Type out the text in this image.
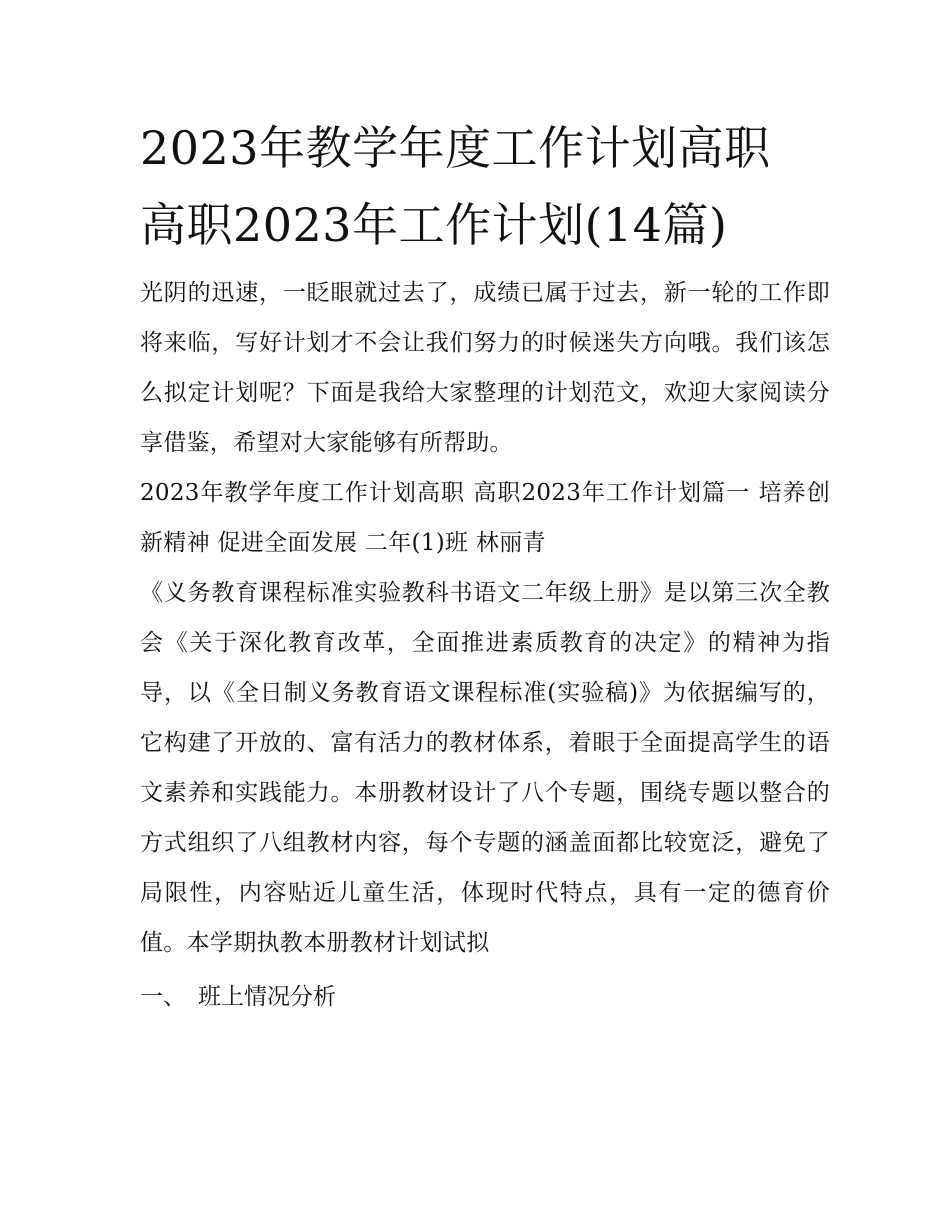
2023年教学年度工作计划高职
高职2023年工作计划(14篇)

光阴的迅速，一眨眼就过去了，成绩已属于过去，新一轮的工作即将来临，写好计划才不会让我们努力的时候迷失方向哦。我们该怎么拟定计划呢？下面是我给大家整理的计划范文，欢迎大家阅读分享借鉴，希望对大家能够有所帮助。

2023年教学年度工作计划高职 高职2023年工作计划篇一 培养创新精神 促进全面发展 二年(1)班 林丽青

《义务教育课程标准实验教科书语文二年级上册》是以第三次全教会《关于深化教育改革，全面推进素质教育的决定》的精神为指导，以《全日制义务教育语文课程标准(实验稿)》为依据编写的，它构建了开放的、富有活力的教材体系，着眼于全面提高学生的语文素养和实践能力。本册教材设计了八个专题，围绕专题以整合的方式组织了八组教材内容，每个专题的涵盖面都比较宽泛，避免了局限性，内容贴近儿童生活，体现时代特点，具有一定的德育价值。本学期执教本册教材计划试拟

一、 班上情况分析
